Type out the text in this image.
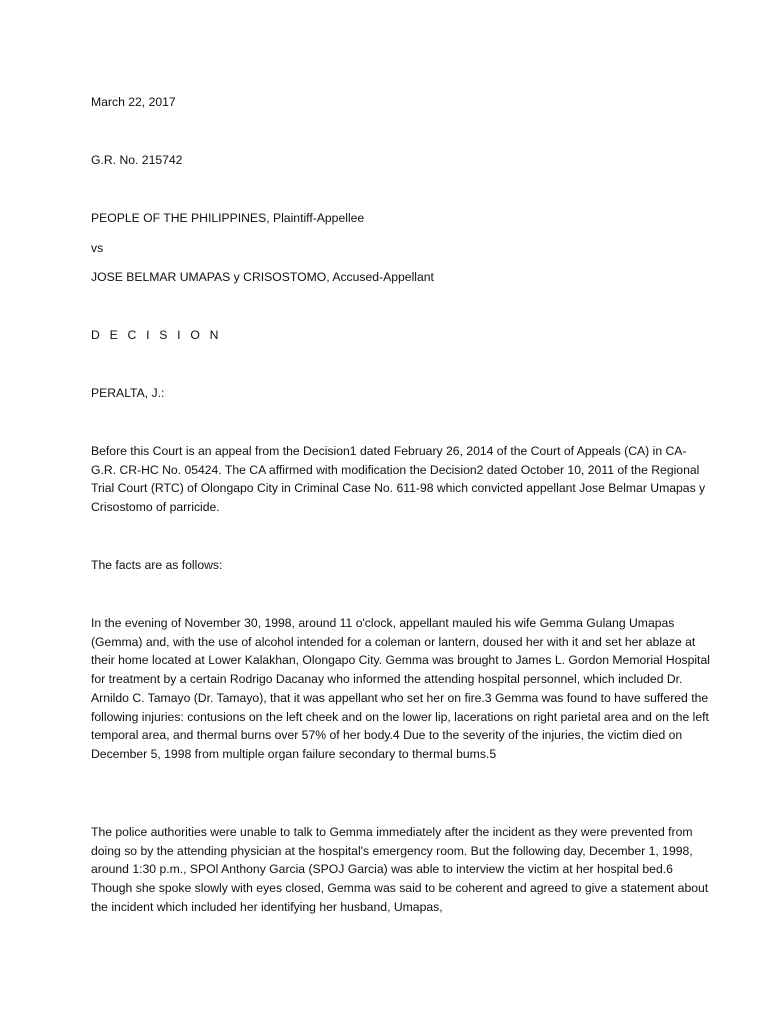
March 22, 2017

G.R. No. 215742

PEOPLE OF THE PHILIPPINES, Plaintiff-Appellee

vs

JOSE BELMAR UMAPAS y CRISOSTOMO, Accused-Appellant

D E C I S I O N

PERALTA, J.:

Before this Court is an appeal from the Decision1 dated February 26, 2014 of the Court of Appeals (CA) in CA-G.R. CR-HC No. 05424. The CA affirmed with modification the Decision2 dated October 10, 2011 of the Regional Trial Court (RTC) of Olongapo City in Criminal Case No. 611-98 which convicted appellant Jose Belmar Umapas y Crisostomo of parricide.

The facts are as follows:

In the evening of November 30, 1998, around 11 o'clock, appellant mauled his wife Gemma Gulang Umapas (Gemma) and, with the use of alcohol intended for a coleman or lantern, doused her with it and set her ablaze at their home located at Lower Kalakhan, Olongapo City. Gemma was brought to James L. Gordon Memorial Hospital for treatment by a certain Rodrigo Dacanay who informed the attending hospital personnel, which included Dr. Arnildo C. Tamayo (Dr. Tamayo), that it was appellant who set her on fire.3 Gemma was found to have suffered the following injuries: contusions on the left cheek and on the lower lip, lacerations on right parietal area and on the left temporal area, and thermal burns over 57% of her body.4 Due to the severity of the injuries, the victim died on December 5, 1998 from multiple organ failure secondary to thermal bums.5

The police authorities were unable to talk to Gemma immediately after the incident as they were prevented from doing so by the attending physician at the hospital's emergency room. But the following day, December 1, 1998, around 1:30 p.m., SPOl Anthony Garcia (SPOJ Garcia) was able to interview the victim at her hospital bed.6 Though she spoke slowly with eyes closed, Gemma was said to be coherent and agreed to give a statement about the incident which included her identifying her husband, Umapas,
